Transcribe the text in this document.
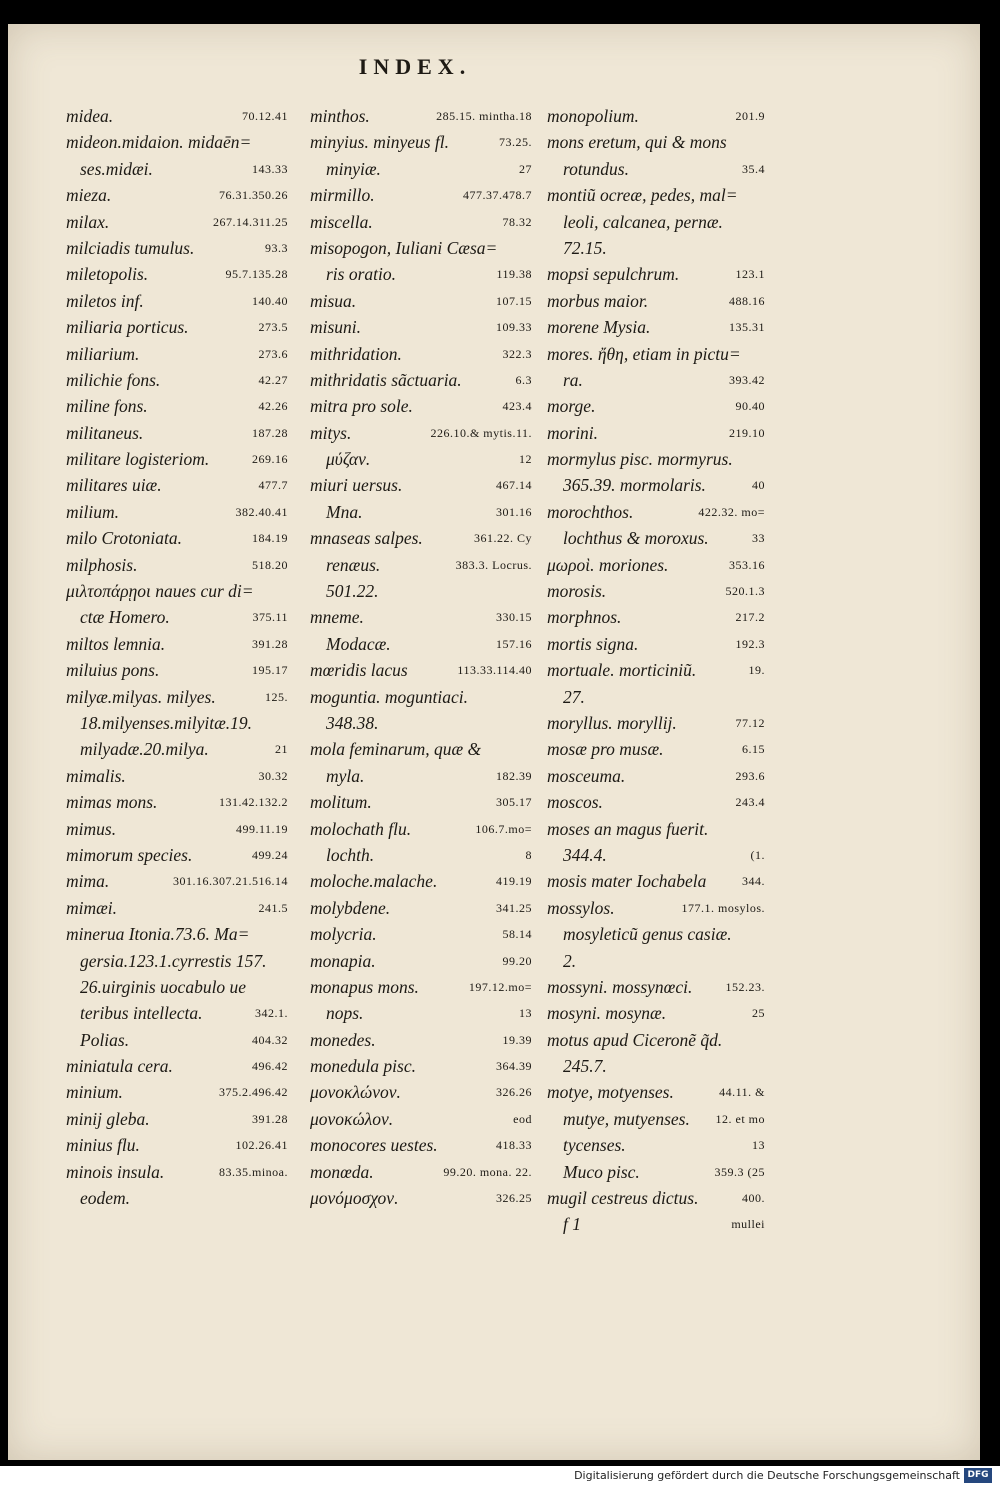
INDEX.
midea.	70.12.41
mideon.midaion. midaēn=
ses.midæi.	143.33
mieza.	76.31.350.26
milax.	267.14.311.25
milciadis tumulus.	93.3
miletopolis.	95.7.135.28
miletos inf.	140.40
miliaria porticus.	273.5
miliarium.	273.6
milichie fons.	42.27
miline fons.	42.26
militaneus.	187.28
militare logisteriom.	269.16
militares uiæ.	477.7
milium.	382.40.41
milo Crotoniata.	184.19
milphosis.	518.20
μιλτοπάρῃοι naues cur di=
ctæ Homero.	375.11
miltos lemnia.	391.28
miluius pons.	195.17
milyæ.milyas. milyes.	125.
18.milyenses.milyitæ.19.
milyadæ.20.milya.	21
mimalis.	30.32
mimas mons.	131.42.132.2
mimus.	499.11.19
mimorum species.	499.24
mima.	301.16.307.21.516.14
mimæi.	241.5
minerua Itonia.73.6. Ma=
gersia.123.1.cyrrestis 157.
26.uirginis uocabulo ue
teribus intellecta.	342.1.
Polias.	404.32
miniatula cera.	496.42
minium.	375.2.496.42
minij gleba.	391.28
minius flu.	102.26.41
minois insula.	83.35.minoa.
eodem.
minthos.	285.15. mintha.18
minyius. minyeus fl.	73.25.
minyiæ.	27
mirmillo.	477.37.478.7
miscella.	78.32
misopogon, Iuliani Cæsa=
ris oratio.	119.38
misua.	107.15
misuni.	109.33
mithridation.	322.3
mithridatis sãctuaria.	6.3
mitra pro sole.	423.4
mitys.	226.10.& mytis.11.
μύζαν.	12
miuri uersus.	467.14
Mna.	301.16
mnaseas salpes.	361.22. Cy
renæus.	383.3. Locrus.
501.22.
mneme.	330.15
Modacæ.	157.16
mœridis lacus	113.33.114.40
moguntia. moguntiaci.
348.38.
mola feminarum, quæ &
myla.	182.39
molitum.	305.17
molochath flu.	106.7.mo=
lochth.	8
moloche.malache.	419.19
molybdene.	341.25
molycria.	58.14
monapia.	99.20
monapus mons.	197.12.mo=
nops.	13
monedes.	19.39
monedula pisc.	364.39
μονοκλώνον.	326.26
μονοκώλον.	eod
monocores uestes.	418.33
monœda.	99.20. mona. 22.
μονόμοσχον.	326.25
monopolium.	201.9
mons eretum, qui & mons
rotundus.	35.4
montiũ ocreæ, pedes, mal=
leoli, calcanea, pernæ.
72.15.
mopsi sepulchrum.	123.1
morbus maior.	488.16
morene Mysia.	135.31
mores. ἤθη, etiam in pictu=
ra.	393.42
morge.	90.40
morini.	219.10
mormylus pisc. mormyrus.
365.39. mormolaris.	40
morochthos.	422.32. mo=
lochthus & moroxus.	33
μωροὶ. moriones.	353.16
morosis.	520.1.3
morphnos.	217.2
mortis signa.	192.3
mortuale. morticiniũ.	19.
27.
moryllus. moryllij.	77.12
mosæ pro musæ.	6.15
mosceuma.	293.6
moscos.	243.4
moses an magus fuerit.
344.4.	(1.
mosis mater Iochabela	344.
mossylos.	177.1. mosylos.
mosyleticũ genus casiæ.
2.
mossyni. mossynœci.	152.23.
mosyni. mosynæ.	25
motus apud Ciceronẽ q̃d.
245.7.
motye, motyenses.	44.11. &
mutye, mutyenses. 12. et mo
tycenses.	13
Muco pisc.	359.3 (25
mugil cestreus dictus.	400.
f 1	mullei
Digitalisierung gefördert durch die Deutsche Forschungsgemeinschaft DFG
